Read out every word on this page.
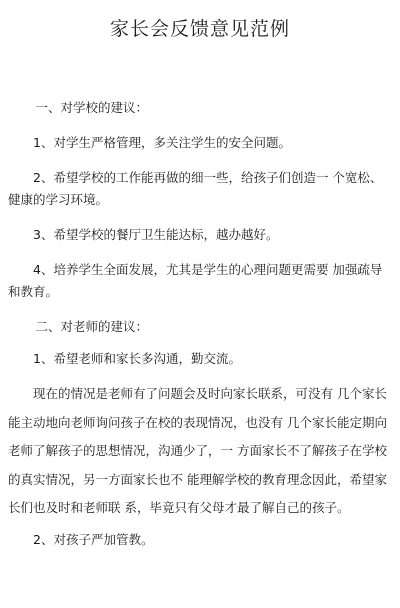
家长会反馈意见范例

一、对学校的建议：

1、对学生严格管理，多关注学生的安全问题。

2、希望学校的工作能再做的细一些，给孩子们创造一 个宽松、健康的学习环境。

3、希望学校的餐厅卫生能达标，越办越好。

4、培养学生全面发展，尤其是学生的心理问题更需要 加强疏导和教育。

二、对老师的建议：

1、希望老师和家长多沟通，勤交流。

现在的情况是老师有了问题会及时向家长联系，可没有 几个家长能主动地向老师询问孩子在校的表现情况，也没有 几个家长能定期向老师了解孩子的思想情况，沟通少了，一 方面家长不了解孩子在学校的真实情况，另一方面家长也不 能理解学校的教育理念因此，希望家长们也及时和老师联 系，毕竟只有父母才最了解自己的孩子。

2、对孩子严加管教。
